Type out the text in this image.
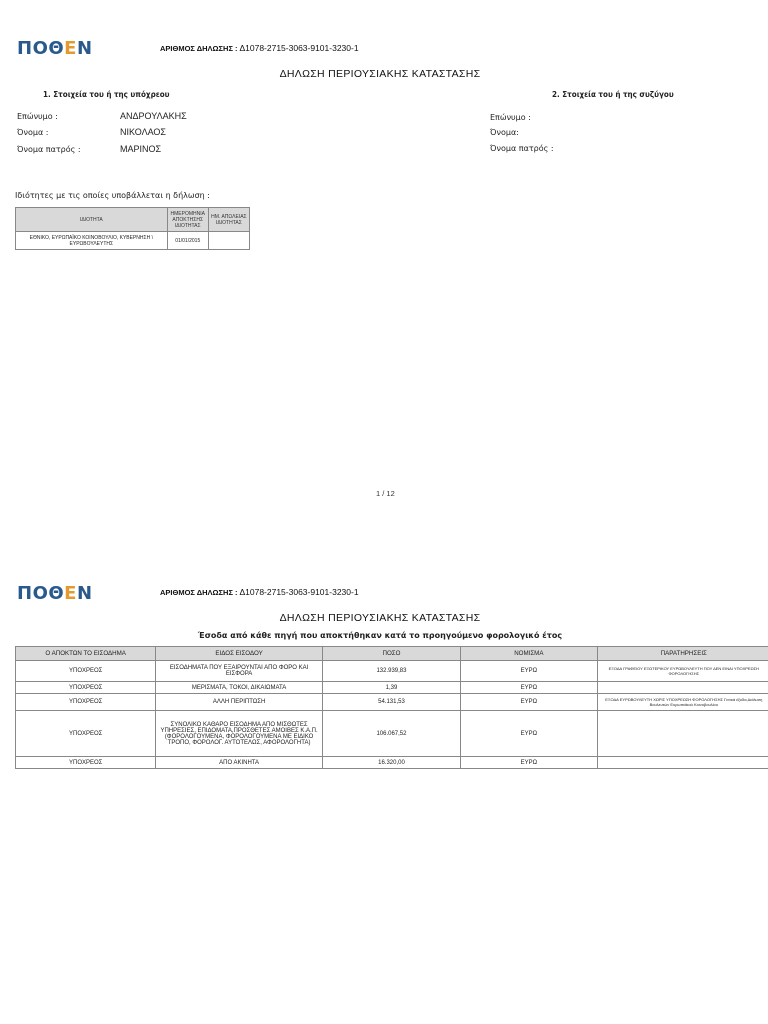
ΠΟΘΕΝ	ΑΡΙΘΜΟΣ ΔΗΛΩΣΗΣ : Δ1078-2715-3063-9101-3230-1
ΔΗΛΩΣΗ ΠΕΡΙΟΥΣΙΑΚΗΣ ΚΑΤΑΣΤΑΣΗΣ
1. Στοιχεία του ή της υπόχρεου	2. Στοιχεία του ή της συζύγου
Επώνυμο :	ΑΝΔΡΟΥΛΑΚΗΣ
Όνομα :	ΝΙΚΟΛΑΟΣ
Όνομα πατρός :	ΜΑΡΙΝΟΣ
Επώνυμο :
Όνομα:
Όνομα πατρός :
Ιδιότητες με τις οποίες υποβάλλεται η δήλωση :
ΙΔΙΟΤΗΤΑ	ΗΜΕΡΟΜΗΝΙΑ ΑΠΟΚΤΗΣΗΣ ΙΔΙΟΤΗΤΑΣ	ΗΜ. ΑΠΩΛΕΙΑΣ ΙΔΙΟΤΗΤΑΣ
ΕΘΝΙΚΟ, ΕΥΡΩΠΑΪΚΟ ΚΟΙΝΟΒΟΥΛΙΟ, ΚΥΒΕΡΝΗΣΗ \ ΕΥΡΩΒΟΥΛΕΥΤΗΣ	01/01/2015	
1 / 12
ΠΟΘΕΝ	ΑΡΙΘΜΟΣ ΔΗΛΩΣΗΣ : Δ1078-2715-3063-9101-3230-1
ΔΗΛΩΣΗ ΠΕΡΙΟΥΣΙΑΚΗΣ ΚΑΤΑΣΤΑΣΗΣ
Έσοδα από κάθε πηγή που αποκτήθηκαν κατά το προηγούμενο φορολογικό έτος
Ο ΑΠΟΚΤΩΝ ΤΟ ΕΙΣΟΔΗΜΑ	ΕΙΔΟΣ ΕΙΣΟΔΟΥ	ΠΟΣΟ	ΝΟΜΙΣΜΑ	ΠΑΡΑΤΗΡΗΣΕΙΣ
ΥΠΟΧΡΕΟΣ	ΕΙΣΟΔΗΜΑΤΑ ΠΟΥ ΕΞΑΙΡΟΥΝΤΑΙ ΑΠΟ ΦΟΡΟ ΚΑΙ ΕΙΣΦΟΡΑ	132.939,83	ΕΥΡΩ	ΕΞΟΔΑ ΓΡΑΦΕΙΟΥ ΕΞΩΤΕΡΙΚΟΥ ΕΥΡΩΒΟΥΛΕΥΤΗ ΠΟΥ ΔΕΝ ΕΙΝΑΙ ΥΠΟΧΡΕΩΣΗ ΦΟΡΟΛΟΓΗΣΗΣ
ΥΠΟΧΡΕΟΣ	ΜΕΡΙΣΜΑΤΑ, ΤΟΚΟΙ, ΔΙΚΑΙΩΜΑΤΑ	1,39	ΕΥΡΩ	
ΥΠΟΧΡΕΟΣ	ΑΛΛΗ ΠΕΡΙΠΤΩΣΗ	54.131,53	ΕΥΡΩ	ΕΞΟΔΑ ΕΥΡΩΒΟΥΛΕΥΤΗ ΧΩΡΙΣ ΥΠΟΧΡΕΩΣΗ ΦΟΡΟΛΟΓΗΣΗΣ Γενικά έξοδα,Διάλυση Βουλευτών Ευρωπαϊκού Κοινοβουλίου
ΥΠΟΧΡΕΟΣ	ΣΥΝΟΛΙΚΟ ΚΑΘΑΡΟ ΕΙΣΟΔΗΜΑ ΑΠΟ ΜΙΣΘΩΤΕΣ ΥΠΗΡΕΣΙΕΣ, ΕΠΙΔΟΜΑΤΑ,ΠΡΟΣΘΕΤΕΣ ΑΜΟΙΒΕΣ Κ.Α.Π.(ΦΟΡΟΛΟΓΟΥΜΕΝΑ, ΦΟΡΟΛΟΓΟΥΜΕΝΑ ΜΕ ΕΙΔΙΚΟ ΤΡΟΠΟ, ΦΟΡΟΛΟΓ. ΑΥΤΟΤΕΛΩΣ, ΑΦΟΡΟΛΟΓΗΤΑ)	106.067,52	ΕΥΡΩ	
ΥΠΟΧΡΕΟΣ	ΑΠΟ ΑΚΙΝΗΤΑ	16.320,00	ΕΥΡΩ	
